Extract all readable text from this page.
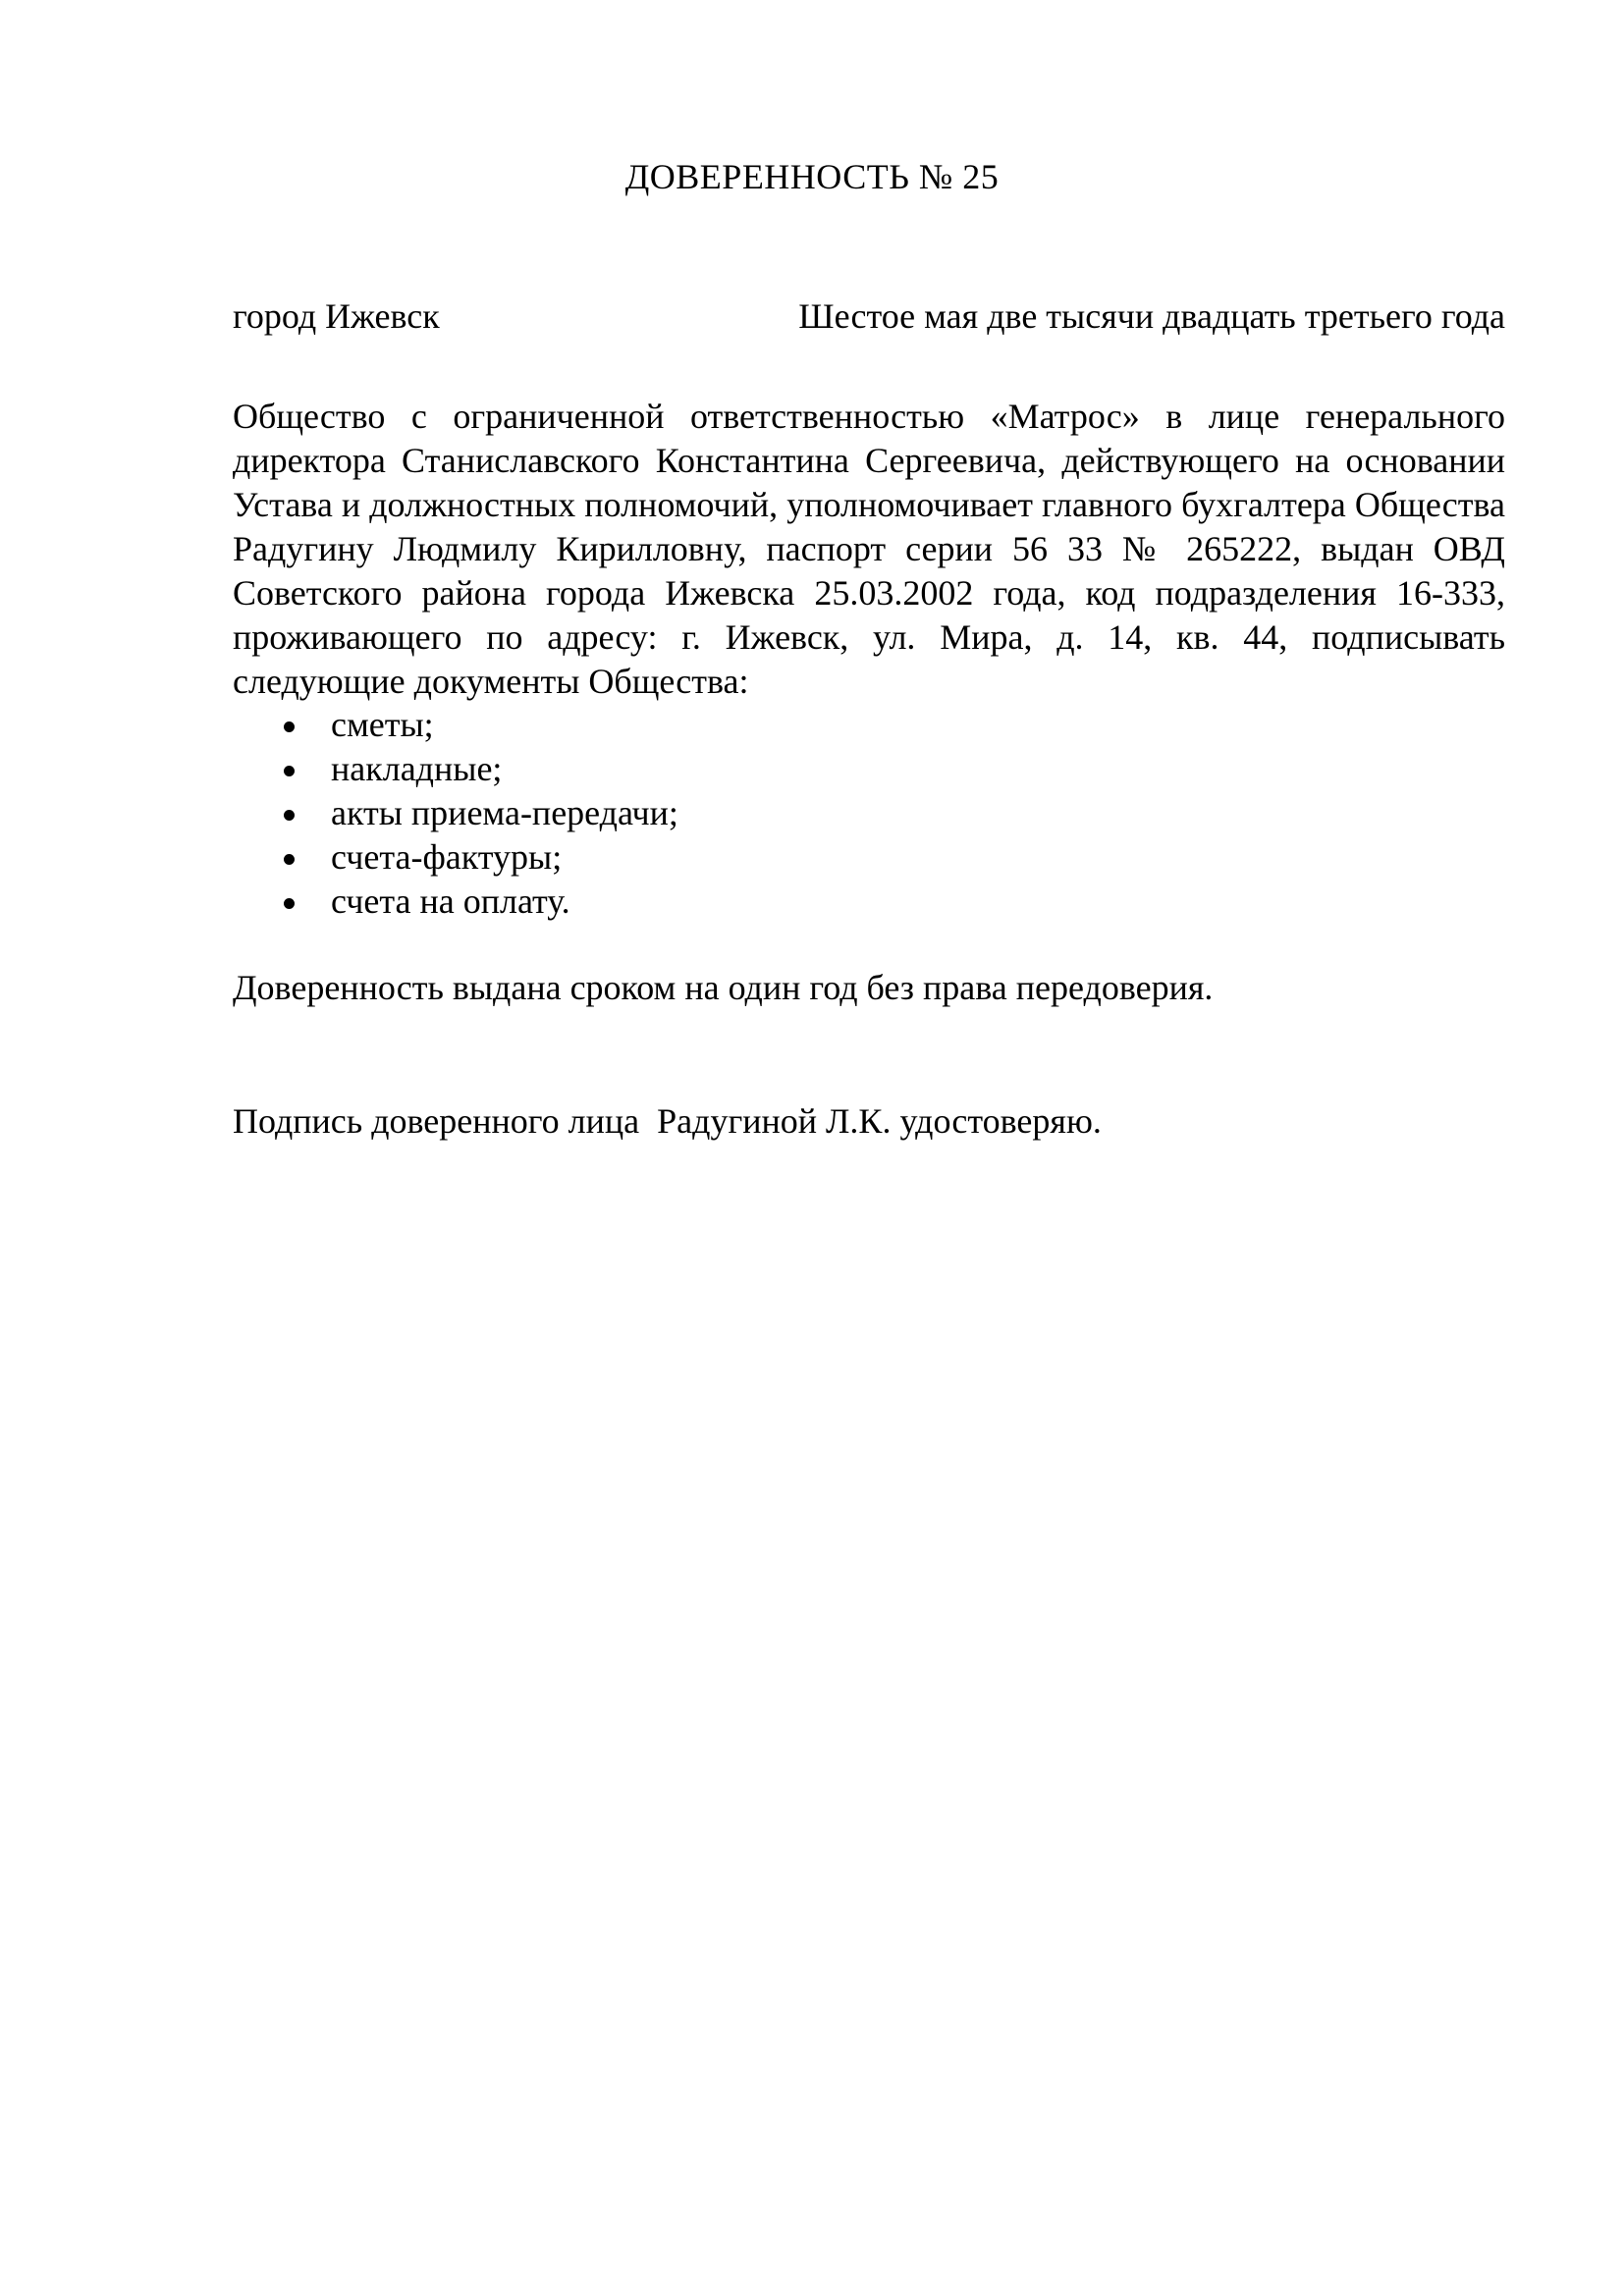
ДОВЕРЕННОСТЬ № 25
город Ижевск	Шестое мая две тысячи двадцать третьего года
Общество с ограниченной ответственностью «Матрос» в лице генерального директора Станиславского Константина Сергеевича, действующего на основании Устава и должностных полномочий, уполномочивает главного бухгалтера Общества Радугину Людмилу Кирилловну, паспорт серии 56 33 № 265222, выдан ОВД Советского района города Ижевска 25.03.2002 года, код подразделения 16-333, проживающего по адресу: г. Ижевск, ул. Мира, д. 14, кв. 44, подписывать следующие документы Общества:
сметы;
накладные;
акты приема-передачи;
счета-фактуры;
счета на оплату.
Доверенность выдана сроком на один год без права передоверия.
Подпись доверенного лица  Радугиной Л.К. удостоверяю.
